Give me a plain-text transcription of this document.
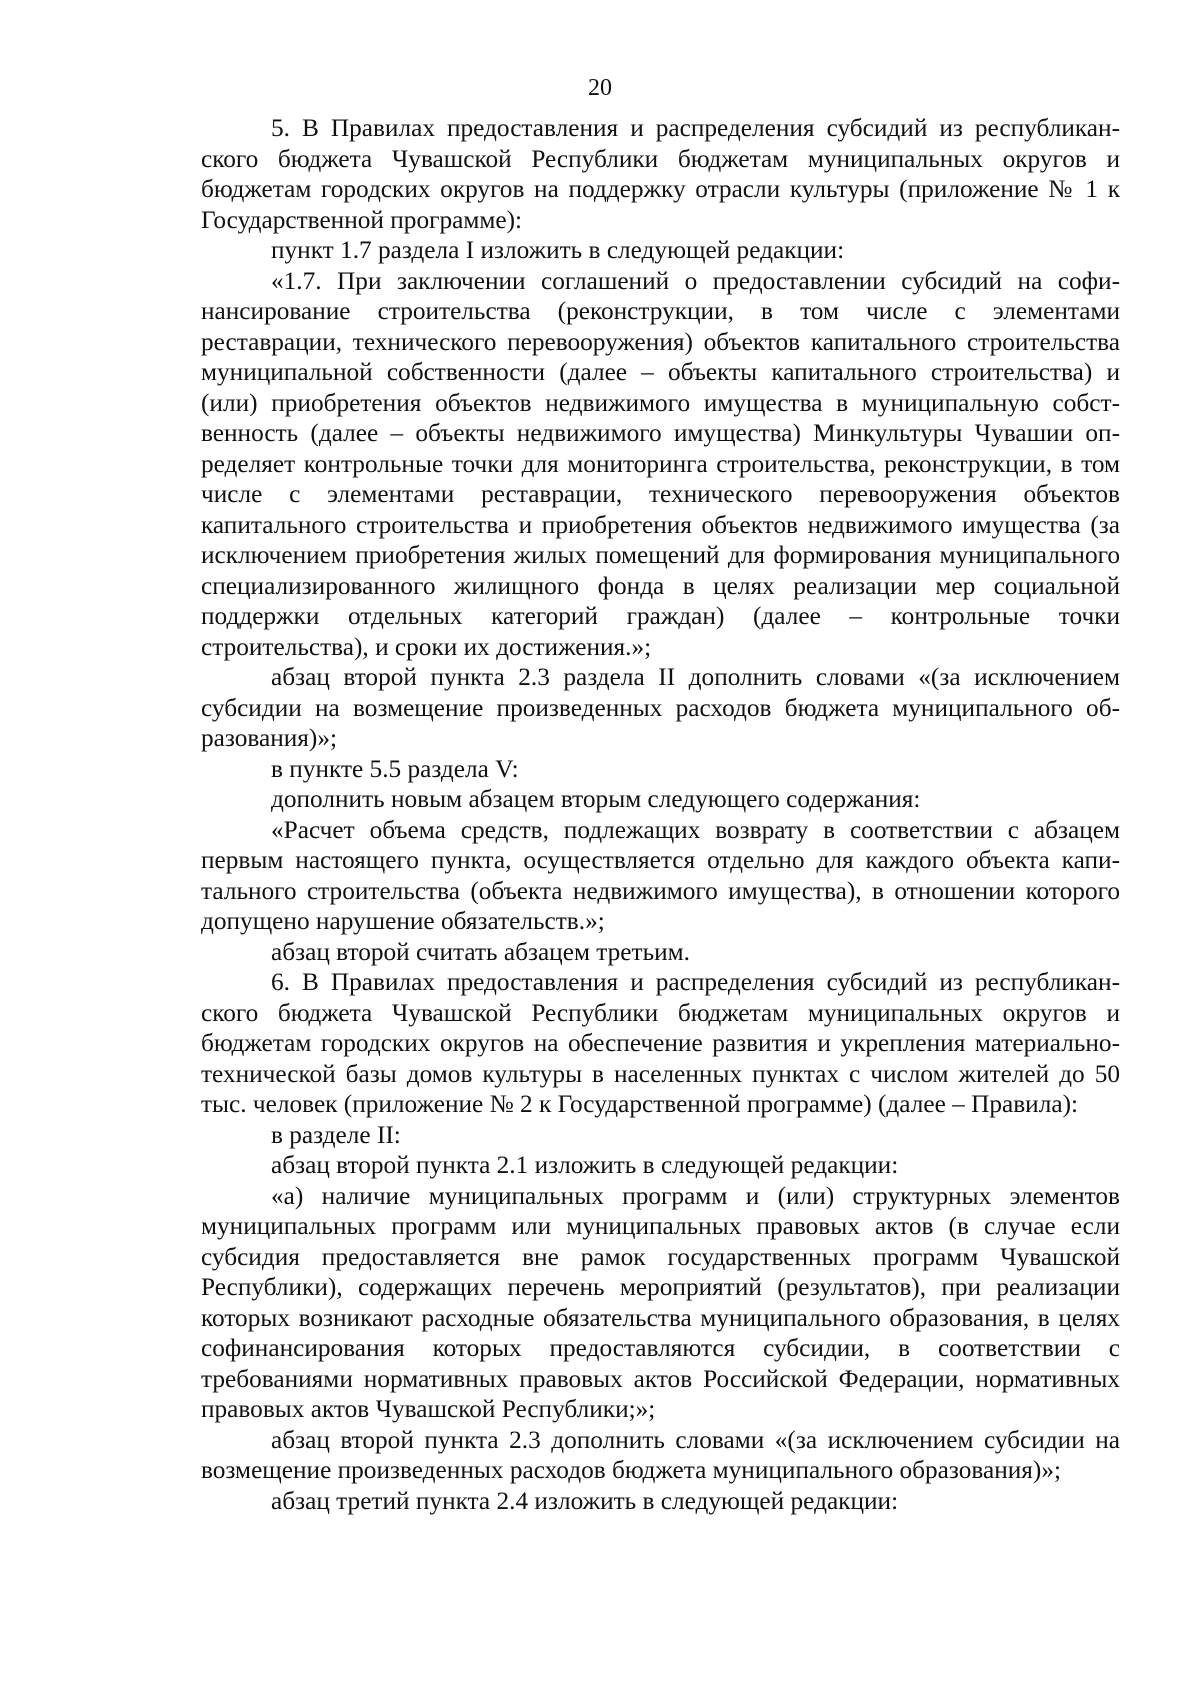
20

5. В Правилах предоставления и распределения субсидий из республиканского бюджета Чувашской Республики бюджетам муниципальных округов и бюджетам городских округов на поддержку отрасли культуры (приложение № 1 к Государственной программе):

пункт 1.7 раздела I изложить в следующей редакции:

«1.7. При заключении соглашений о предоставлении субсидий на софинансирование строительства (реконструкции, в том числе с элементами реставрации, технического перевооружения) объектов капитального строительства муниципальной собственности (далее – объекты капитального строительства) и (или) приобретения объектов недвижимого имущества в муниципальную собственность (далее – объекты недвижимого имущества) Минкультуры Чувашии определяет контрольные точки для мониторинга строительства, реконструкции, в том числе с элементами реставрации, технического перевооружения объектов капитального строительства и приобретения объектов недвижимого имущества (за исключением приобретения жилых помещений для формирования муниципального специализированного жилищного фонда в целях реализации мер социальной поддержки отдельных категорий граждан) (далее – контрольные точки строительства), и сроки их достижения.»;

абзац второй пункта 2.3 раздела II дополнить словами «(за исключением субсидии на возмещение произведенных расходов бюджета муниципального образования)»;

в пункте 5.5 раздела V:

дополнить новым абзацем вторым следующего содержания:

«Расчет объема средств, подлежащих возврату в соответствии с абзацем первым настоящего пункта, осуществляется отдельно для каждого объекта капитального строительства (объекта недвижимого имущества), в отношении которого допущено нарушение обязательств.»;

абзац второй считать абзацем третьим.

6. В Правилах предоставления и распределения субсидий из республиканского бюджета Чувашской Республики бюджетам муниципальных округов и бюджетам городских округов на обеспечение развития и укрепления материально-технической базы домов культуры в населенных пунктах с числом жителей до 50 тыс. человек (приложение № 2 к Государственной программе) (далее – Правила):

в разделе II:

абзац второй пункта 2.1 изложить в следующей редакции:

«а) наличие муниципальных программ и (или) структурных элементов муниципальных программ или муниципальных правовых актов (в случае если субсидия предоставляется вне рамок государственных программ Чувашской Республики), содержащих перечень мероприятий (результатов), при реализации которых возникают расходные обязательства муниципального образования, в целях софинансирования которых предоставляются субсидии, в соответствии с требованиями нормативных правовых актов Российской Федерации, нормативных правовых актов Чувашской Республики;»;

абзац второй пункта 2.3 дополнить словами «(за исключением субсидии на возмещение произведенных расходов бюджета муниципального образования)»;

абзац третий пункта 2.4 изложить в следующей редакции:
